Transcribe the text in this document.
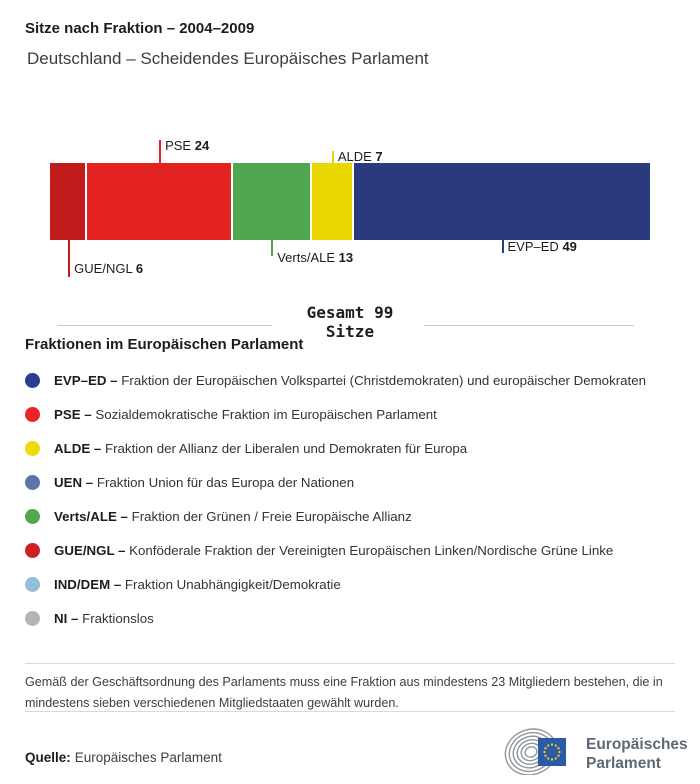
Sitze nach Fraktion – 2004–2009
Deutschland – Scheidendes Europäisches Parlament
PSE 24
ALDE 7
GUE/NGL 6
Verts/ALE 13
EVP–ED 49
Gesamt 99
Sitze
Fraktionen im Europäischen Parlament
EVP–ED – Fraktion der Europäischen Volkspartei (Christdemokraten) und europäischer Demokraten
PSE – Sozialdemokratische Fraktion im Europäischen Parlament
ALDE – Fraktion der Allianz der Liberalen und Demokraten für Europa
UEN – Fraktion Union für das Europa der Nationen
Verts/ALE – Fraktion der Grünen / Freie Europäische Allianz
GUE/NGL – Konföderale Fraktion der Vereinigten Europäischen Linken/Nordische Grüne Linke
IND/DEM – Fraktion Unabhängigkeit/Demokratie
NI – Fraktionslos
Gemäß der Geschäftsordnung des Parlaments muss eine Fraktion aus mindestens 23 Mitgliedern bestehen, die in mindestens sieben verschiedenen Mitgliedstaaten gewählt wurden.
Quelle: Europäisches Parlament
Europäisches
Parlament
